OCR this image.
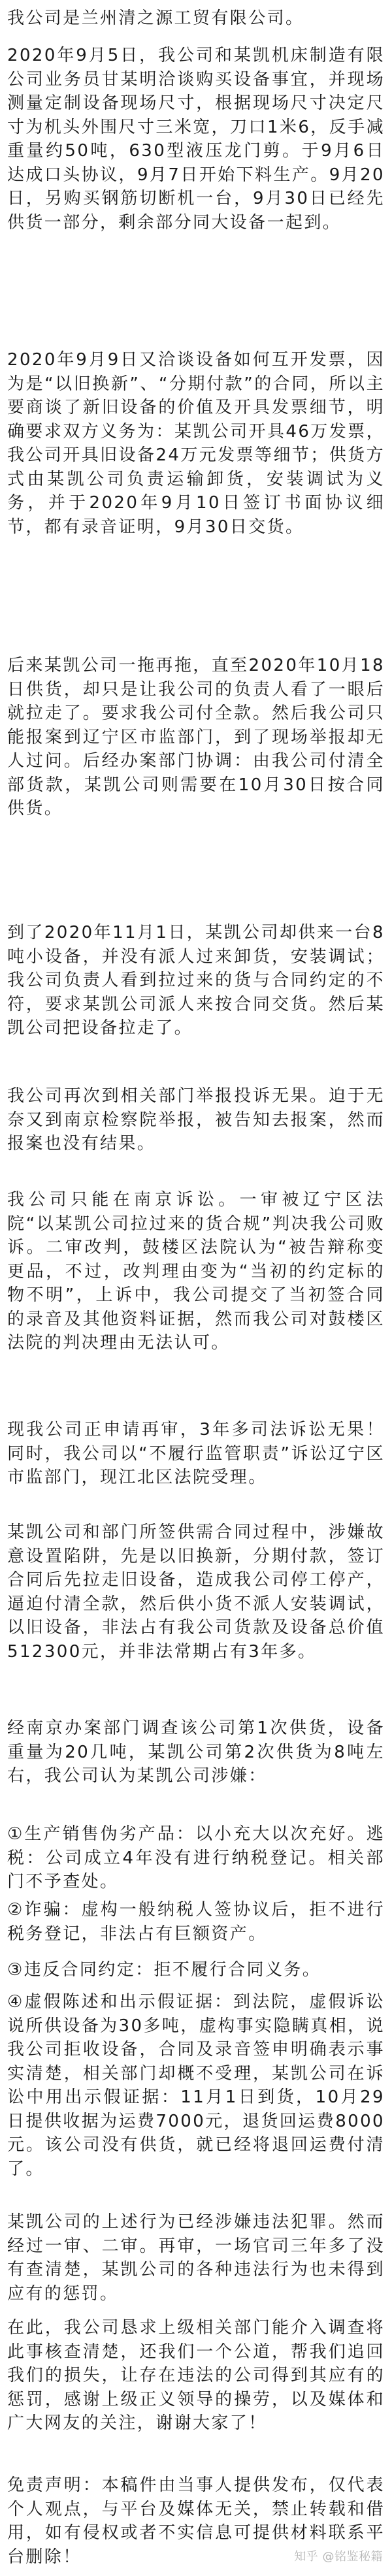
我公司是兰州清之源工贸有限公司。

2020年9月5日，我公司和某凯机床制造有限公司业务员甘某明洽谈购买设备事宜，并现场测量定制设备现场尺寸，根据现场尺寸决定尺寸为机头外围尺寸三米宽，刀口1米6，反手减重量约50吨，630型液压龙门剪。于9月6日达成口头协议，9月7日开始下料生产。9月20日，另购买钢筋切断机一台，9月30日已经先供货一部分，剩余部分同大设备一起到。

2020年9月9日又洽谈设备如何互开发票，因为是“以旧换新”、“分期付款”的合同，所以主要商谈了新旧设备的价值及开具发票细节，明确要求双方义务为：某凯公司开具46万发票，我公司开具旧设备24万元发票等细节；供货方式由某凯公司负责运输卸货，安装调试为义务，并于2020年9月10日签订书面协议细节，都有录音证明，9月30日交货。

后来某凯公司一拖再拖，直至2020年10月18日供货，却只是让我公司的负责人看了一眼后就拉走了。要求我公司付全款。然后我公司只能报案到辽宁区市监部门，到了现场举报却无人过问。后经办案部门协调：由我公司付清全部货款，某凯公司则需要在10月30日按合同供货。

到了2020年11月1日，某凯公司却供来一台8吨小设备，并没有派人过来卸货，安装调试；我公司负责人看到拉过来的货与合同约定的不符，要求某凯公司派人来按合同交货。然后某凯公司把设备拉走了。

我公司再次到相关部门举报投诉无果。迫于无奈又到南京检察院举报，被告知去报案，然而报案也没有结果。

我公司只能在南京诉讼。一审被辽宁区法院“以某凯公司拉过来的货合规”判决我公司败诉。二审改判，鼓楼区法院认为“被告辩称变更品，不过，改判理由变为“当初的约定标的物不明”，上诉中，我公司提交了当初签合同的录音及其他资料证据，然而我公司对鼓楼区法院的判决理由无法认可。

现我公司正申请再审，3年多司法诉讼无果！同时，我公司以“不履行监管职责”诉讼辽宁区市监部门，现江北区法院受理。

某凯公司和部门所签供需合同过程中，涉嫌故意设置陷阱，先是以旧换新，分期付款，签订合同后先拉走旧设备，造成我公司停工停产，逼迫付清全款，然后供小货不派人安装调试，以旧设备，非法占有我公司货款及设备总价值512300元，并非法常期占有3年多。

经南京办案部门调查该公司第1次供货，设备重量为20几吨，某凯公司第2次供货为8吨左右，我公司认为某凯公司涉嫌：

①生产销售伪劣产品：以小充大以次充好。逃税：公司成立4年没有进行纳税登记。相关部门不予查处。

②诈骗：虚构一般纳税人签协议后，拒不进行税务登记，非法占有巨额资产。

③违反合同约定：拒不履行合同义务。

④虚假陈述和出示假证据：到法院，虚假诉讼说所供设备为30多吨，虚构事实隐瞒真相，说我公司拒收设备，合同及录音签申明确表示事实清楚，相关部门却概不受理，某凯公司在诉讼中用出示假证据：11月1日到货，10月29日提供收据为运费7000元，退货回运费8000元。该公司没有供货，就已经将退回运费付清了。

某凯公司的上述行为已经涉嫌违法犯罪。然而经过一审、二审。再审，一场官司三年多了没有查清楚，某凯公司的各种违法行为也未得到应有的惩罚。

在此，我公司恳求上级相关部门能介入调查将此事核查清楚，还我们一个公道，帮我们追回我们的损失，让存在违法的公司得到其应有的惩罚，感谢上级正义领导的操劳，以及媒体和广大网友的关注，谢谢大家了！

免责声明：本稿件由当事人提供发布，仅代表个人观点，与平台及媒体无关，禁止转载和借用，如有侵权或者不实信息可提供材料联系平台删除！	知乎 @铭鉴秘籍
